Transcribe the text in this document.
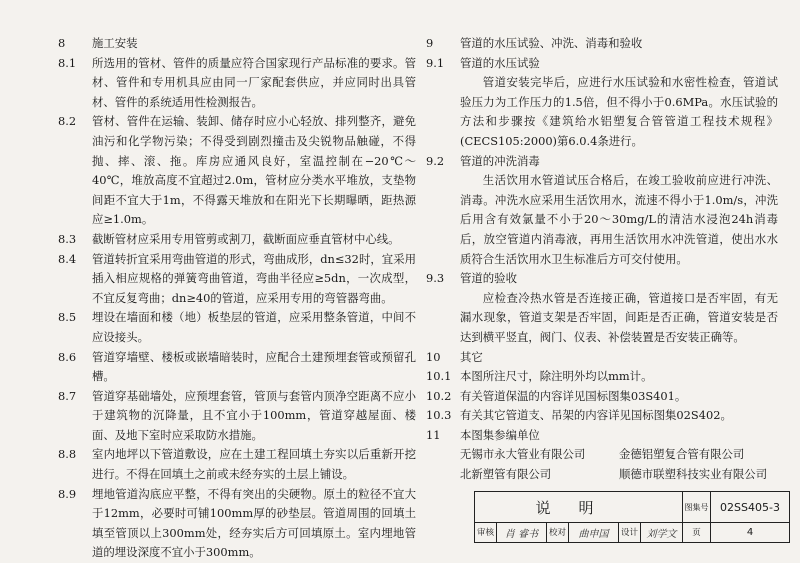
8	施工安装
8.1	所选用的管材、管件的质量应符合国家现行产品标准的要求。管材、管件和专用机具应由同一厂家配套供应，并应同时出具管材、管件的系统适用性检测报告。
8.2	管材、管件在运输、装卸、储存时应小心轻放、排列整齐，避免油污和化学物污染；不得受到剧烈撞击及尖锐物品触碰，不得抛、摔、滚、拖。库房应通风良好，室温控制在−20℃～40℃，堆放高度不宜超过2.0m，管材应分类水平堆放，支垫物间距不宜大于1m，不得露天堆放和在阳光下长期曝晒，距热源应≥1.0m。
8.3	截断管材应采用专用管剪或割刀，截断面应垂直管材中心线。
8.4	管道转折宜采用弯曲管道的形式，弯曲成形，dn≤32时，宜采用插入相应规格的弹簧弯曲管道，弯曲半径应≥5dn，一次成型，不宜反复弯曲；dn≥40的管道，应采用专用的弯管器弯曲。
8.5	埋设在墙面和楼（地）板垫层的管道，应采用整条管道，中间不应设接头。
8.6	管道穿墙壁、楼板或嵌墙暗装时，应配合土建预埋套管或预留孔槽。
8.7	管道穿基础墙处，应预埋套管，管顶与套管内顶净空距离不应小于建筑物的沉降量，且不宜小于100mm，管道穿越屋面、楼面、及地下室时应采取防水措施。
8.8	室内地坪以下管道敷设，应在土建工程回填土夯实以后重新开挖进行。不得在回填土之前或未经夯实的土层上铺设。
8.9	埋地管道沟底应平整，不得有突出的尖硬物。原土的粒径不宜大于12mm，必要时可铺100mm厚的砂垫层。管道周围的回填土填至管顶以上300mm处，经夯实后方可回填原土。室内埋地管道的埋设深度不宜小于300mm。
9	管道的水压试验、冲洗、消毒和验收
9.1	管道的水压试验

管道安装完毕后，应进行水压试验和水密性检查，管道试验压力为工作压力的1.5倍，但不得小于0.6MPa。水压试验的方法和步骤按《建筑给水铝塑复合管管道工程技术规程》(CECS105:2000)第6.0.4条进行。

9.2	管道的冲洗消毒

生活饮用水管道试压合格后，在竣工验收前应进行冲洗、消毒。冲洗水应采用生活饮用水，流速不得小于1.0m/s，冲洗后用含有效氯量不小于20～30mg/L的清洁水浸泡24h消毒后，放空管道内消毒液，再用生活饮用水冲洗管道，使出水水质符合生活饮用水卫生标准后方可交付使用。

9.3	管道的验收

应检查冷热水管是否连接正确，管道接口是否牢固，有无漏水现象，管道支架是否牢固，间距是否正确，管道安装是否达到横平竖直，阀门、仪表、补偿装置是否安装正确等。

10	其它
10.1 本图所注尺寸，除注明外均以mm计。
10.2 有关管道保温的内容详见国标图集03S401。
10.3 有关其它管道支、吊架的内容详见国标图集02S402。
11	本图集参编单位
无锡市永大管业有限公司	金德铝塑复合管有限公司
北新塑管有限公司	顺德市联塑科技实业有限公司
说明	图集号	02SS405-3
审核	肖 睿书	校对	曲申国	设计 刘学文	页	4
